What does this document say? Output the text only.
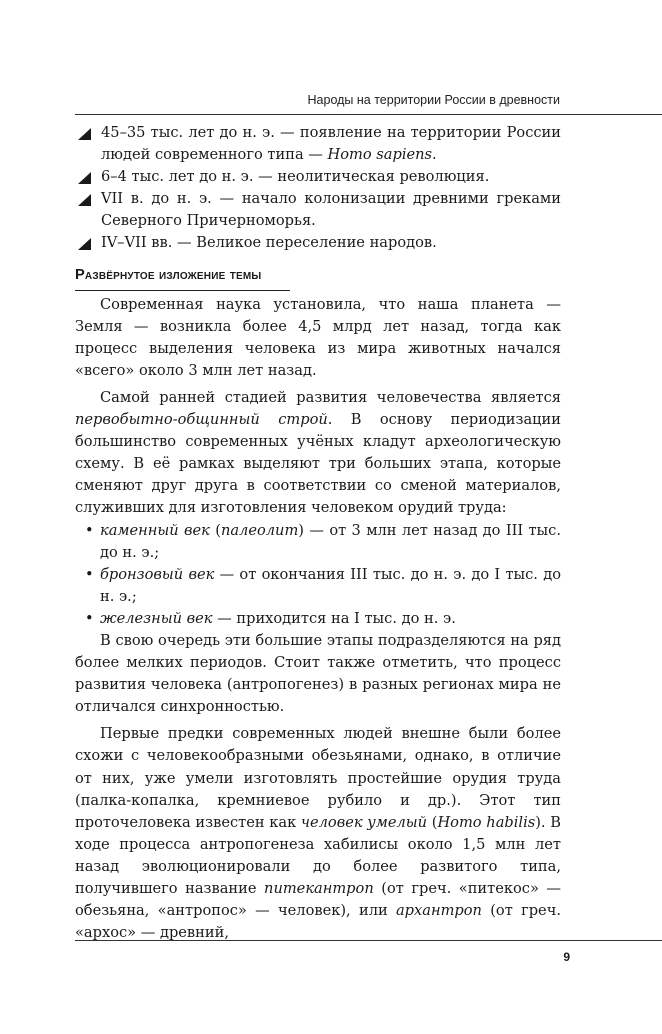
Народы на территории России в древности
45–35 тыс. лет до н. э. — появление на территории России людей современного типа — Homo sapiens.
6–4 тыс. лет до н. э. — неолитическая революция.
VII в. до н. э. — начало колонизации древними греками Северного Причерноморья.
IV–VII вв. — Великое переселение народов.
Развёрнутое изложение темы
Современная наука установила, что наша планета — Земля — возникла более 4,5 млрд лет назад, тогда как процесс выделения человека из мира животных начался «всего» около 3 млн лет назад.
Самой ранней стадией развития человечества является первобытно-общинный строй. В основу периодизации большинство современных учёных кладут археологическую схему. В её рамках выделяют три больших этапа, которые сменяют друг друга в соответствии со сменой материалов, служивших для изготовления человеком орудий труда:
• каменный век (палеолит) — от 3 млн лет назад до III тыс. до н. э.;
• бронзовый век — от окончания III тыс. до н. э. до I тыс. до н. э.;
• железный век — приходится на I тыс. до н. э.
В свою очередь эти большие этапы подразделяются на ряд более мелких периодов. Стоит также отметить, что процесс развития человека (антропогенез) в разных регионах мира не отличался синхронностью.
Первые предки современных людей внешне были более схожи с человекообразными обезьянами, однако, в отличие от них, уже умели изготовлять простейшие орудия труда (палка-копалка, кремниевое рубило и др.). Этот тип проточеловека известен как человек умелый (Homo habilis). В ходе процесса антропогенеза хабилисы около 1,5 млн лет назад эволюционировали до более развитого типа, получившего название питекантроп (от греч. «питекос» — обезьяна, «антропос» — человек), или архантроп (от греч. «архос» — древний,
9
